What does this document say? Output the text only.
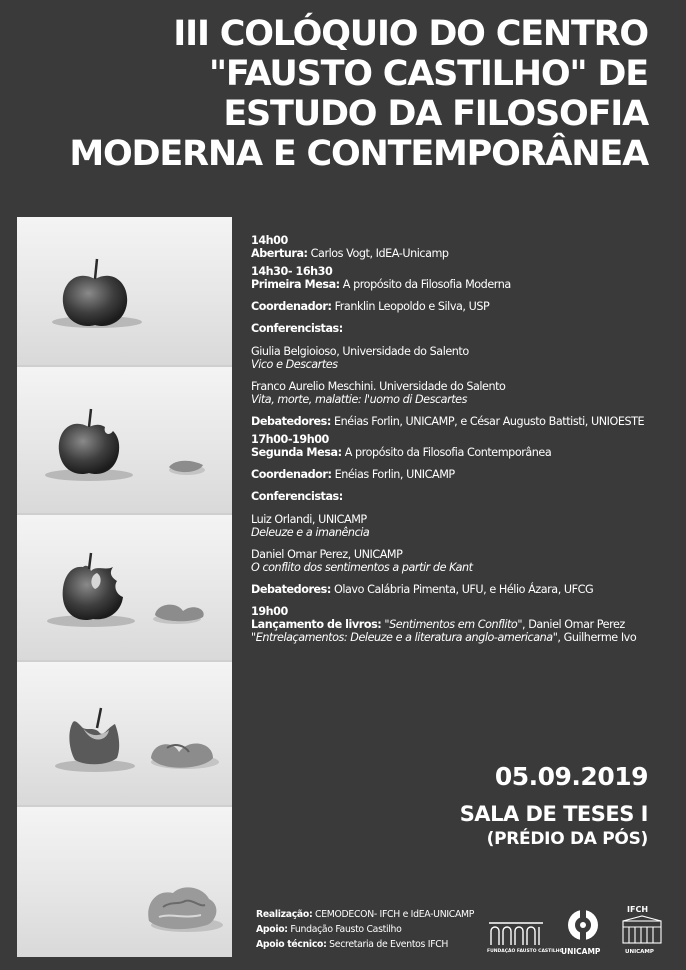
III COLÓQUIO DO CENTRO
"FAUSTO CASTILHO" DE
ESTUDO DA FILOSOFIA
MODERNA E CONTEMPORÂNEA
14h00
Abertura: Carlos Vogt, IdEA-Unicamp
14h30- 16h30
Primeira Mesa: A propósito da Filosofia Moderna
Coordenador: Franklin Leopoldo e Silva, USP
Conferencistas:
Giulia Belgioioso, Universidade do Salento
Vico e Descartes
Franco Aurelio Meschini. Universidade do Salento
Vita, morte, malattie: l'uomo di Descartes
Debatedores: Enéias Forlin, UNICAMP, e César Augusto Battisti, UNIOESTE
17h00-19h00
Segunda Mesa: A propósito da Filosofia Contemporânea
Coordenador: Enéias Forlin, UNICAMP
Conferencistas:
Luiz Orlandi, UNICAMP
Deleuze e a imanência
Daniel Omar Perez, UNICAMP
O conflito dos sentimentos a partir de Kant
Debatedores: Olavo Calábria Pimenta, UFU, e Hélio Ázara, UFCG
19h00
Lançamento de livros: "Sentimentos em Conflito", Daniel Omar Perez
"Entrelaçamentos: Deleuze e a literatura anglo-americana", Guilherme Ivo
05.09.2019
SALA DE TESES I
(PRÉDIO DA PÓS)
Realização: CEMODECON- IFCH e IdEA-UNICAMP
Apoio: Fundação Fausto Castilho
Apoio técnico: Secretaria de Eventos IFCH
FUNDAÇÃO FAUSTO CASTILHO
UNICAMP
IFCH
UNICAMP
